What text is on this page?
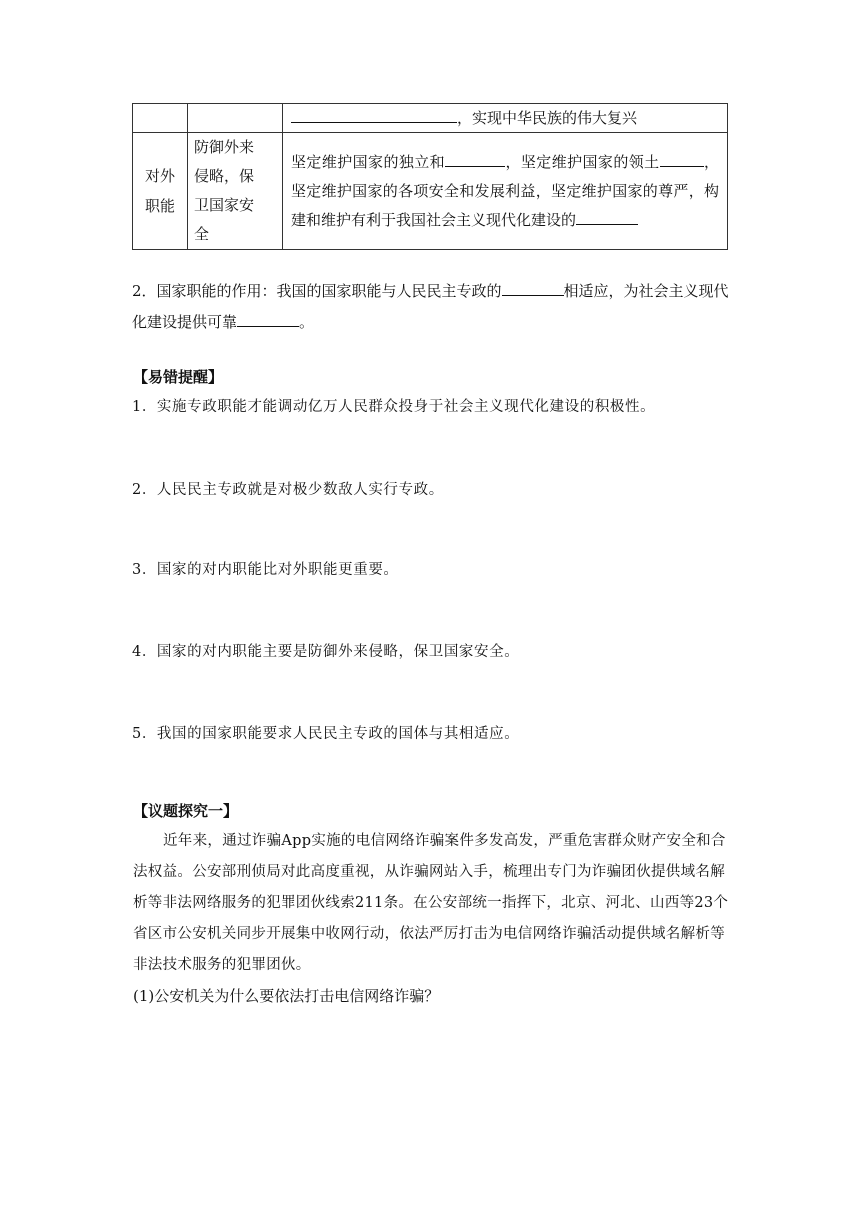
		，实现中华民族的伟大复兴

对外职能	防御外来侵略，保卫国家安全	坚定维护国家的独立和 ，坚定维护国家的领土 ，坚定维护国家的各项安全和发展利益，坚定维护国家的尊严，构建和维护有利于我国社会主义现代化建设的
2．国家职能的作用：我国的国家职能与人民民主专政的	相适应，为社会主义现代化建设提供可靠	。
【易错提醒】
1．实施专政职能才能调动亿万人民群众投身于社会主义现代化建设的积极性。
2．人民民主专政就是对极少数敌人实行专政。
3．国家的对内职能比对外职能更重要。
4．国家的对内职能主要是防御外来侵略，保卫国家安全。
5．我国的国家职能要求人民民主专政的国体与其相适应。
【议题探究一】
近年来，通过诈骗App实施的电信网络诈骗案件多发高发，严重危害群众财产安全和合法权益。公安部刑侦局对此高度重视，从诈骗网站入手，梳理出专门为诈骗团伙提供域名解析等非法网络服务的犯罪团伙线索211条。在公安部统一指挥下，北京、河北、山西等23个省区市公安机关同步开展集中收网行动，依法严厉打击为电信网络诈骗活动提供域名解析等非法技术服务的犯罪团伙。
(1)公安机关为什么要依法打击电信网络诈骗？
